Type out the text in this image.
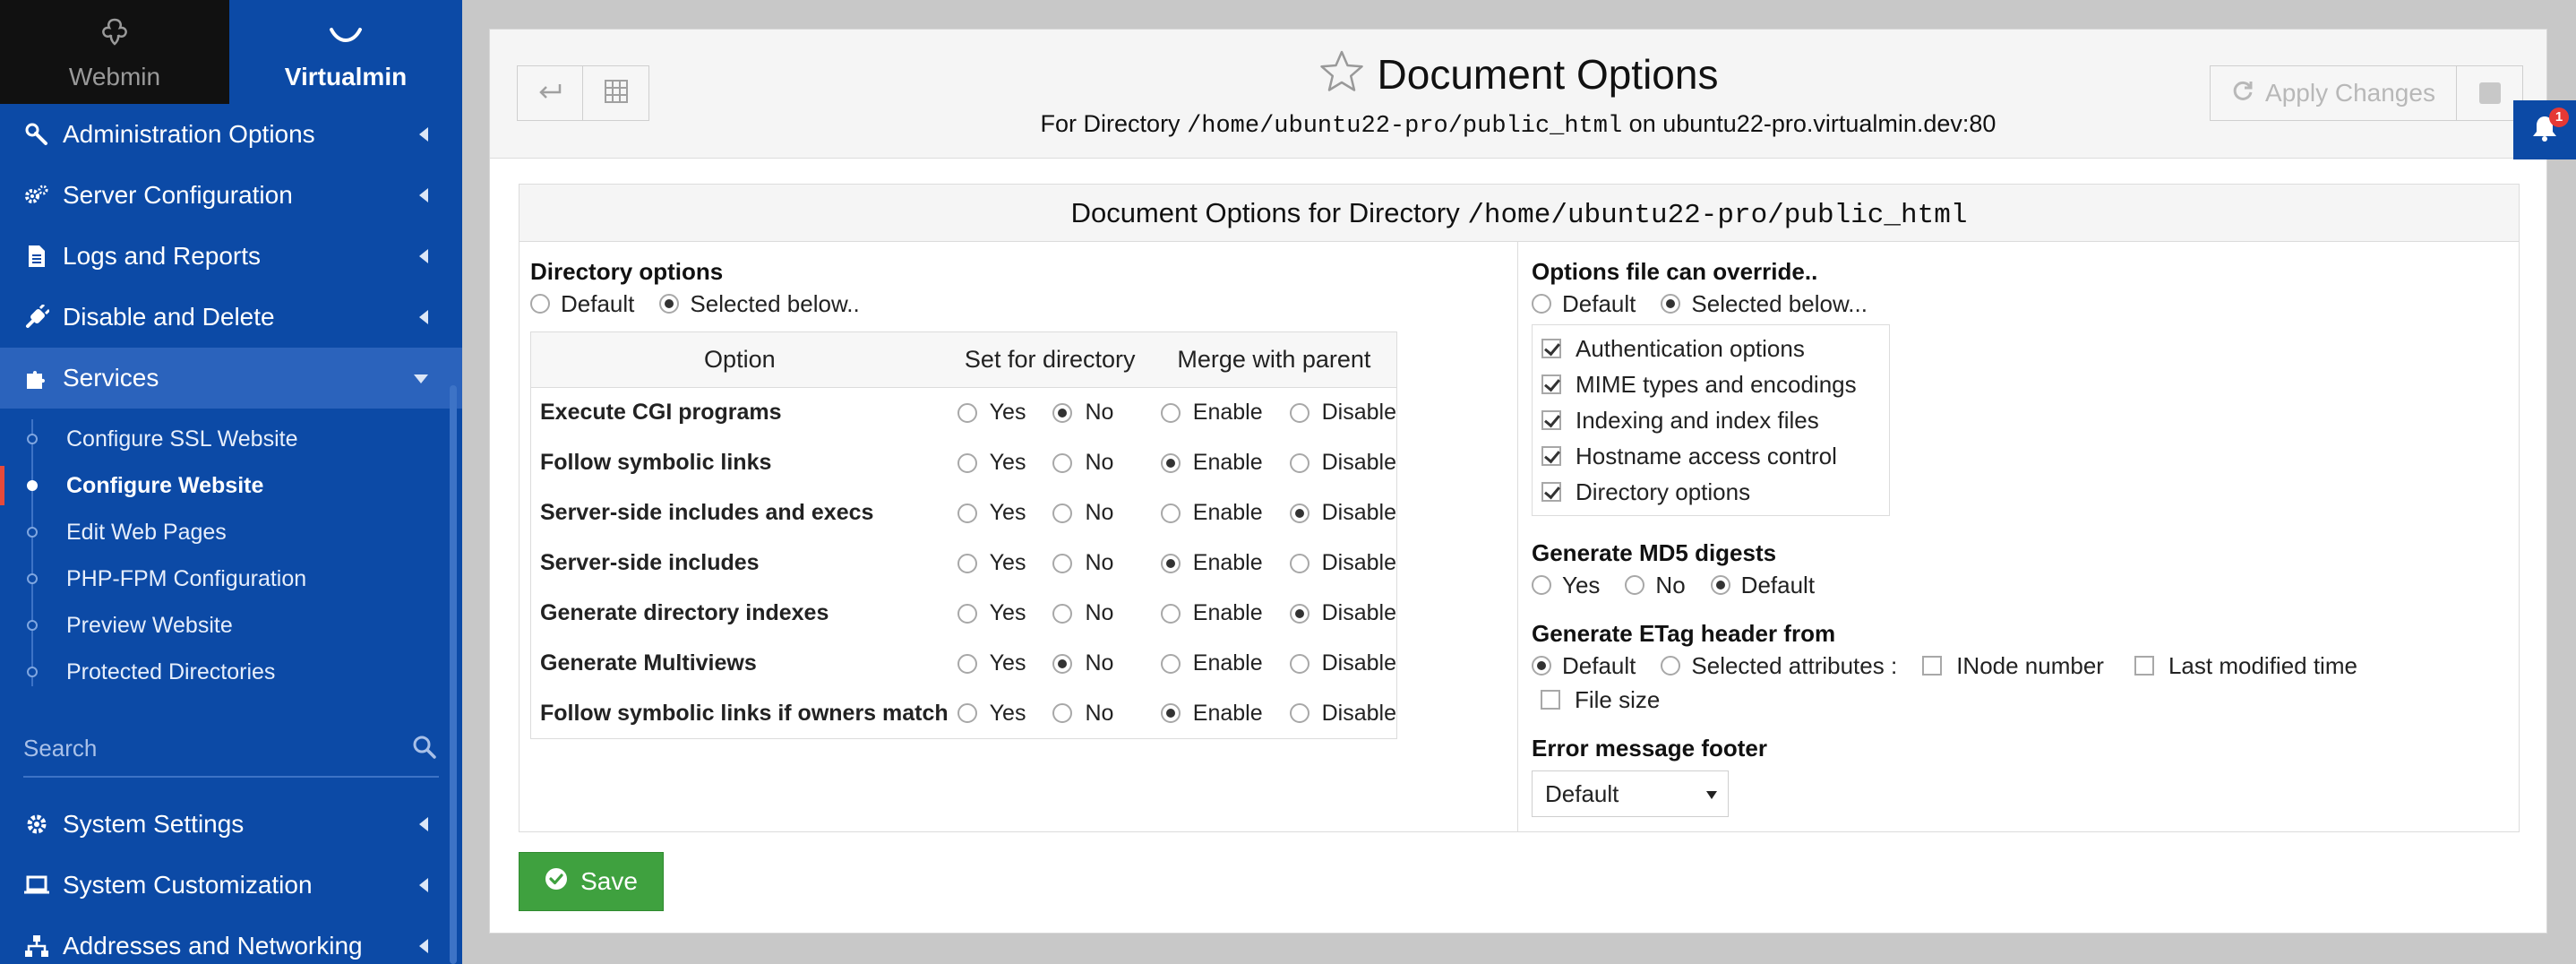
Webmin	Virtualmin
Administration Options
Server Configuration
Logs and Reports
Disable and Delete
Services
Configure SSL Website
Configure Website
Edit Web Pages
PHP-FPM Configuration
Preview Website
Protected Directories
Search
System Settings
System Customization
Addresses and Networking
Document Options
For Directory /home/ubuntu22-pro/public_html on ubuntu22-pro.virtualmin.dev:80
Apply Changes
Document Options for Directory /home/ubuntu22-pro/public_html
Directory options
Default Selected below..
Option	Set for directory	Merge with parent
Execute CGI programs	Yes No	Enable Disable

Follow symbolic links	Yes No	Enable Disable

Server-side includes and execs	Yes No	Enable Disable

Server-side includes	Yes No	Enable Disable

Generate directory indexes	Yes No	Enable Disable

Generate Multiviews	Yes No	Enable Disable

Follow symbolic links if owners match	Yes No	Enable Disable
Options file can override..
Default Selected below...
Authentication options
MIME types and encodings
Indexing and index files
Hostname access control
Directory options
Generate MD5 digests
Yes No Default
Generate ETag header from
Default Selected attributes :	INode number	Last modified time
File size
Error message footer
Default
Save
1
